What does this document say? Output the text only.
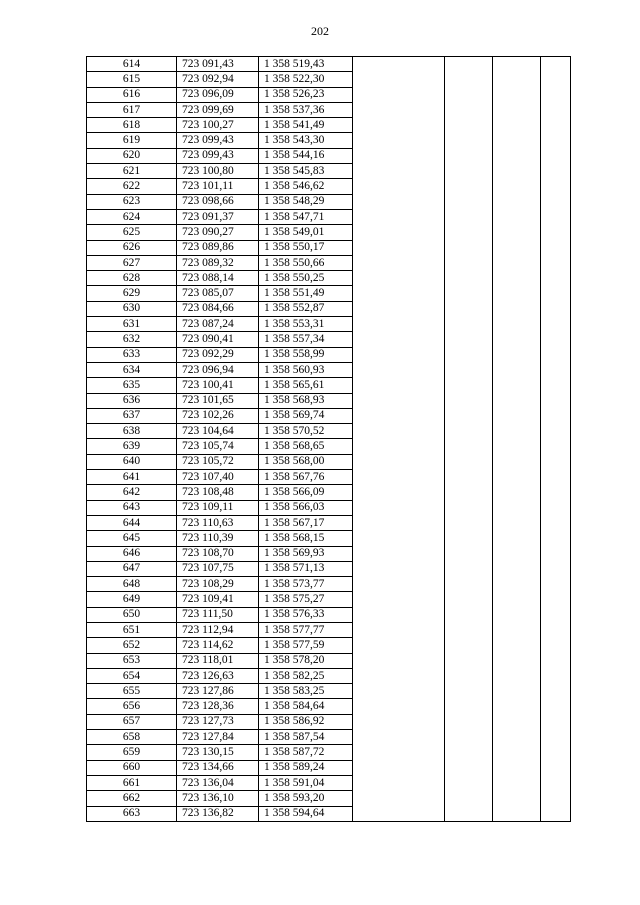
202
614	723 091,43	1 358 519,43				
615	723 092,94	1 358 522,30				
616	723 096,09	1 358 526,23				
617	723 099,69	1 358 537,36				
618	723 100,27	1 358 541,49				
619	723 099,43	1 358 543,30				
620	723 099,43	1 358 544,16				
621	723 100,80	1 358 545,83				
622	723 101,11	1 358 546,62				
623	723 098,66	1 358 548,29				
624	723 091,37	1 358 547,71				
625	723 090,27	1 358 549,01				
626	723 089,86	1 358 550,17				
627	723 089,32	1 358 550,66				
628	723 088,14	1 358 550,25				
629	723 085,07	1 358 551,49				
630	723 084,66	1 358 552,87				
631	723 087,24	1 358 553,31				
632	723 090,41	1 358 557,34				
633	723 092,29	1 358 558,99				
634	723 096,94	1 358 560,93				
635	723 100,41	1 358 565,61				
636	723 101,65	1 358 568,93				
637	723 102,26	1 358 569,74				
638	723 104,64	1 358 570,52				
639	723 105,74	1 358 568,65				
640	723 105,72	1 358 568,00				
641	723 107,40	1 358 567,76				
642	723 108,48	1 358 566,09				
643	723 109,11	1 358 566,03				
644	723 110,63	1 358 567,17				
645	723 110,39	1 358 568,15				
646	723 108,70	1 358 569,93				
647	723 107,75	1 358 571,13				
648	723 108,29	1 358 573,77				
649	723 109,41	1 358 575,27				
650	723 111,50	1 358 576,33				
651	723 112,94	1 358 577,77				
652	723 114,62	1 358 577,59				
653	723 118,01	1 358 578,20				
654	723 126,63	1 358 582,25				
655	723 127,86	1 358 583,25				
656	723 128,36	1 358 584,64				
657	723 127,73	1 358 586,92				
658	723 127,84	1 358 587,54				
659	723 130,15	1 358 587,72				
660	723 134,66	1 358 589,24				
661	723 136,04	1 358 591,04				
662	723 136,10	1 358 593,20				
663	723 136,82	1 358 594,64				
